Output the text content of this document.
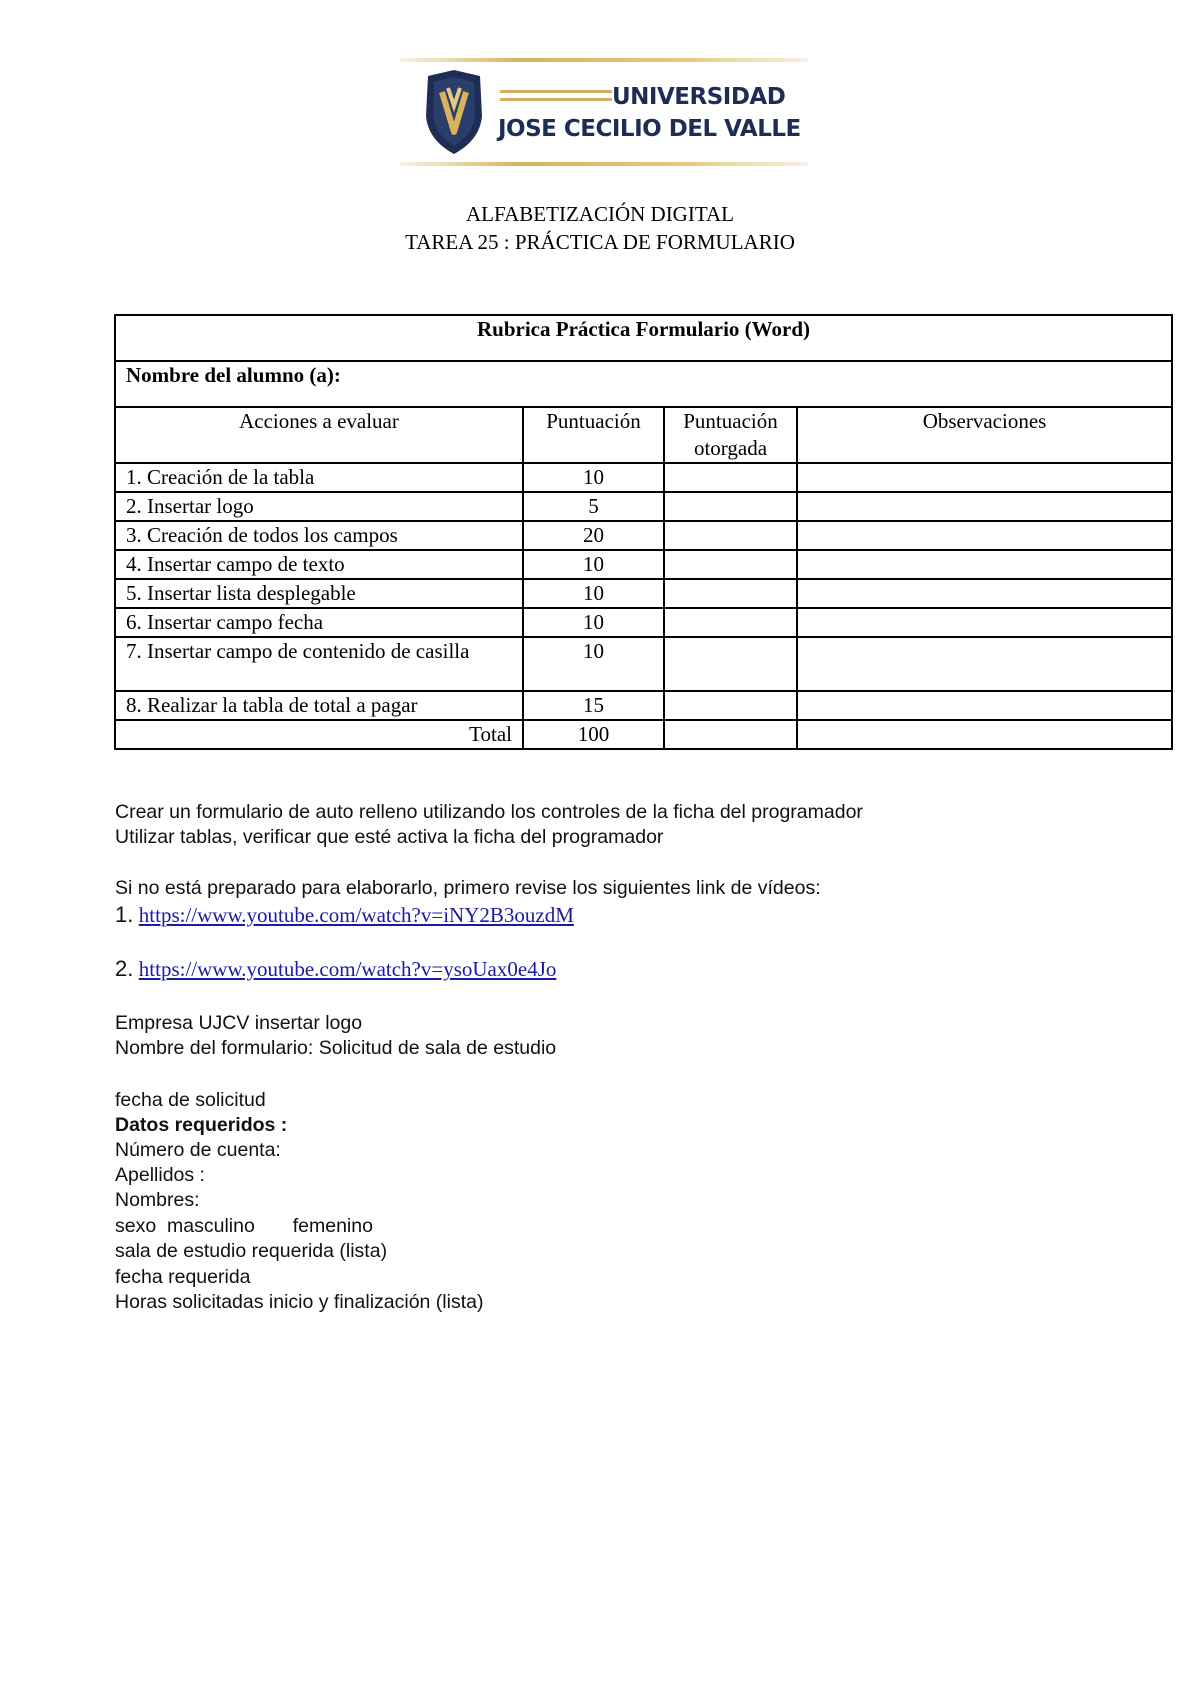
UNIVERSIDAD
JOSE CECILIO DEL VALLE
ALFABETIZACIÓN DIGITAL
TAREA 25 : PRÁCTICA DE FORMULARIO
Rubrica Práctica Formulario (Word)			
Nombre del alumno (a):			
Acciones a evaluar	Puntuación	Puntuación otorgada	Observaciones
1. Creación de la tabla	10		
2. Insertar logo	5		
3. Creación de todos los campos	20		
4. Insertar campo de texto	10		
5. Insertar lista desplegable	10		
6. Insertar campo fecha	10		
7. Insertar campo de contenido de casilla	10		
8. Realizar la tabla de total a pagar	15		
Total	100		
Crear un formulario de auto relleno utilizando los controles de la ficha del programador
Utilizar tablas, verificar que esté activa la ficha del programador
Si no está preparado para elaborarlo, primero revise los siguientes link de vídeos:
1. https://www.youtube.com/watch?v=iNY2B3ouzdM
2. https://www.youtube.com/watch?v=ysoUax0e4Jo
Empresa UJCV insertar logo
Nombre del formulario: Solicitud de sala de estudio
fecha de solicitud
Datos requeridos :
Número de cuenta:
Apellidos :
Nombres:
sexo  masculino       femenino
sala de estudio requerida (lista)
fecha requerida
Horas solicitadas inicio y finalización (lista)
